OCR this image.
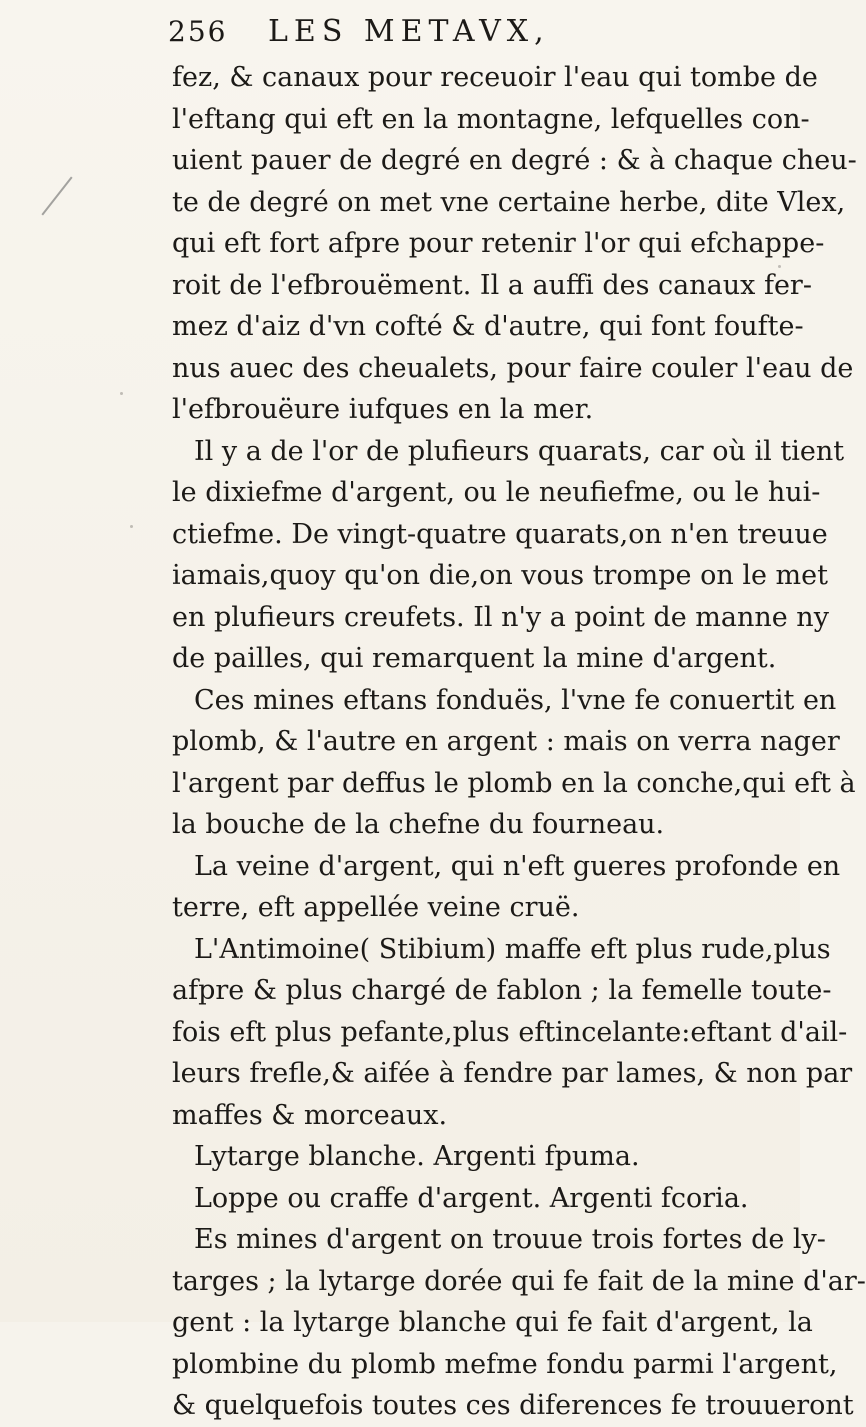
256	LES METAVX,
fez, & canaux pour receuoir l'eau qui tombe de
l'eftang qui eft en la montagne, lefquelles con-
uient pauer de degré en degré : & à chaque cheu-
te de degré on met vne certaine herbe, dite Vlex,
qui eft fort afpre pour retenir l'or qui efchappe-
roit de l'efbrouëment. Il a auffi des canaux fer-
mez d'aiz d'vn cofté & d'autre, qui font foufte-
nus auec des cheualets, pour faire couler l'eau de
l'efbrouëure iufques en la mer.
Il y a de l'or de plufieurs quarats, car où il tient
le dixiefme d'argent, ou le neufiefme, ou le hui-
ctiefme. De vingt-quatre quarats,on n'en treuue
iamais,quoy qu'on die,on vous trompe on le met
en plufieurs creufets. Il n'y a point de manne ny
de pailles, qui remarquent la mine d'argent.
Ces mines eftans fonduës, l'vne fe conuertit en
plomb, & l'autre en argent : mais on verra nager
l'argent par deffus le plomb en la conche,qui eft à
la bouche de la chefne du fourneau.
La veine d'argent, qui n'eft gueres profonde en
terre, eft appellée veine cruë.
L'Antimoine( Stibium) maffe eft plus rude,plus
afpre & plus chargé de fablon ; la femelle toute-
fois eft plus pefante,plus eftincelante:eftant d'ail-
leurs frefle,& aifée à fendre par lames, & non par
maffes & morceaux.
Lytarge blanche. Argenti fpuma.
Loppe ou craffe d'argent. Argenti fcoria.
Es mines d'argent on trouue trois fortes de ly-
targes ; la lytarge dorée qui fe fait de la mine d'ar-
gent : la lytarge blanche qui fe fait d'argent, la
plombine du plomb mefme fondu parmi l'argent,
& quelquefois toutes ces diferences fe trouueront
